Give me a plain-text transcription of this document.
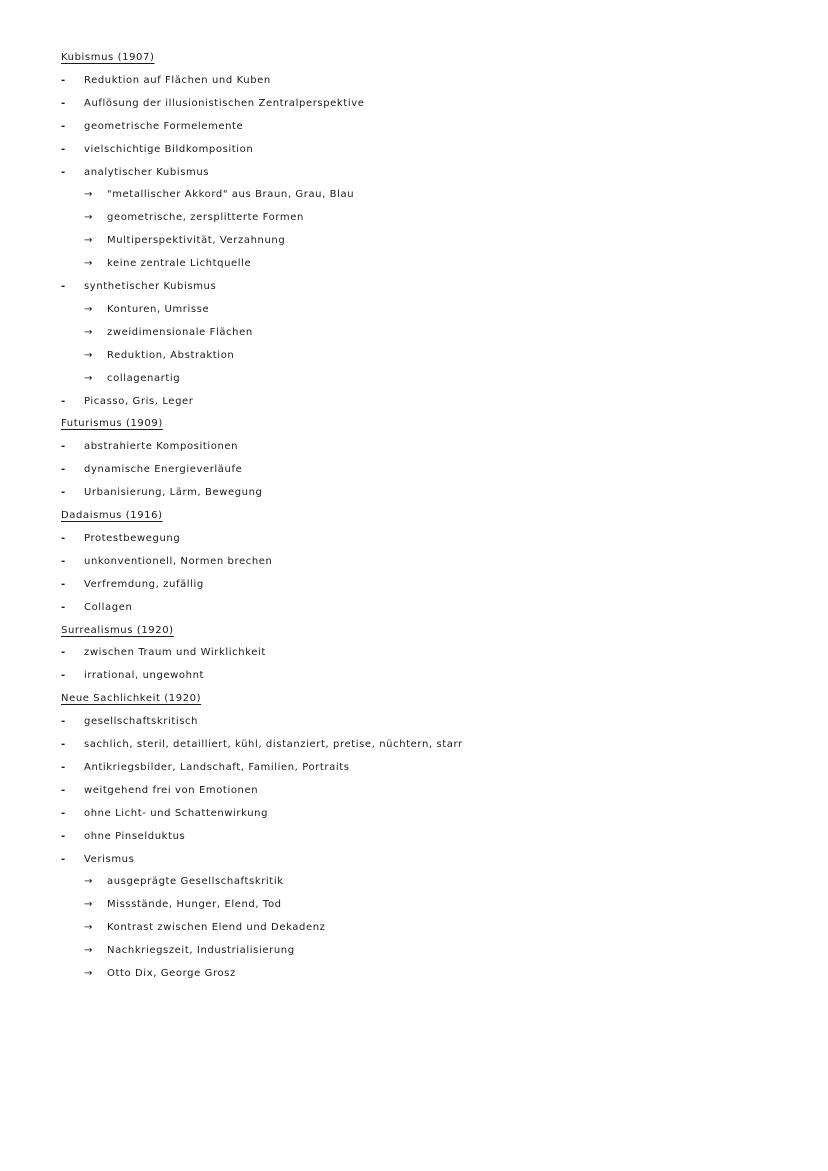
Kubismus (1907)
- Reduktion auf Flächen und Kuben
- Auflösung der illusionistischen Zentralperspektive
- geometrische Formelemente
- vielschichtige Bildkomposition
- analytischer Kubismus
→ "metallischer Akkord" aus Braun, Grau, Blau
→ geometrische, zersplitterte Formen
→ Multiperspektivität, Verzahnung
→ keine zentrale Lichtquelle
- synthetischer Kubismus
→ Konturen, Umrisse
→ zweidimensionale Flächen
→ Reduktion, Abstraktion
→ collagenartig
- Picasso, Gris, Leger
Futurismus (1909)
- abstrahierte Kompositionen
- dynamische Energieverläufe
- Urbanisierung, Lärm, Bewegung
Dadaismus (1916)
- Protestbewegung
- unkonventionell, Normen brechen
- Verfremdung, zufällig
- Collagen
Surrealismus (1920)
- zwischen Traum und Wirklichkeit
- irrational, ungewohnt
Neue Sachlichkeit (1920)
- gesellschaftskritisch
- sachlich, steril, detailliert, kühl, distanziert, pretise, nüchtern, starr
- Antikriegsbilder, Landschaft, Familien, Portraits
- weitgehend frei von Emotionen
- ohne Licht- und Schattenwirkung
- ohne Pinselduktus
- Verismus
→ ausgeprägte Gesellschaftskritik
→ Missstände, Hunger, Elend, Tod
→ Kontrast zwischen Elend und Dekadenz
→ Nachkriegszeit, Industrialisierung
→ Otto Dix, George Grosz
